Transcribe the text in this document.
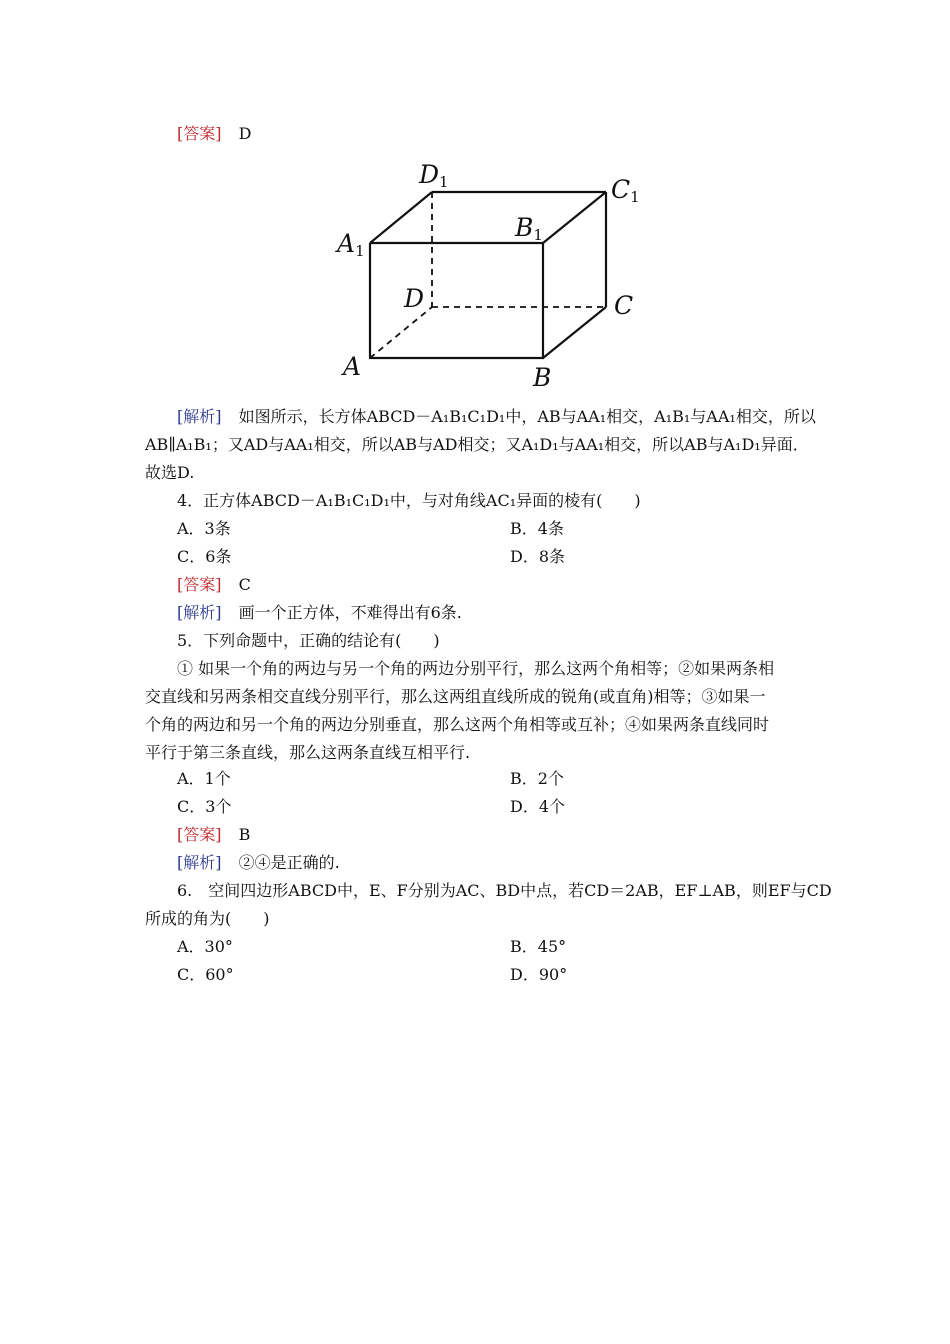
[答案] D
D1	C1
B1
A1
D	C
A	B
[解析] 如图所示，长方体ABCD－A₁B₁C₁D₁中，AB与AA₁相交，A₁B₁与AA₁相交，所以
AB∥A₁B₁；又AD与AA₁相交，所以AB与AD相交；又A₁D₁与AA₁相交，所以AB与A₁D₁异面．
故选D.
4．正方体ABCD－A₁B₁C₁D₁中，与对角线AC₁异面的棱有(　　)
A．3条	B．4条
C．6条	D．8条
[答案] C
[解析] 画一个正方体，不难得出有6条.
5．下列命题中，正确的结论有(　　)
① 如果一个角的两边与另一个角的两边分别平行，那么这两个角相等；②如果两条相
交直线和另两条相交直线分别平行，那么这两组直线所成的锐角(或直角)相等；③如果一
个角的两边和另一个角的两边分别垂直，那么这两个角相等或互补；④如果两条直线同时
平行于第三条直线，那么这两条直线互相平行.
A．1个	B．2个
C．3个	D．4个
[答案] B
[解析] ②④是正确的.
6.　空间四边形ABCD中，E、F分别为AC、BD中点，若CD＝2AB，EF⊥AB，则EF与CD
所成的角为(　　)
A．30°	B．45°
C．60°	D．90°
